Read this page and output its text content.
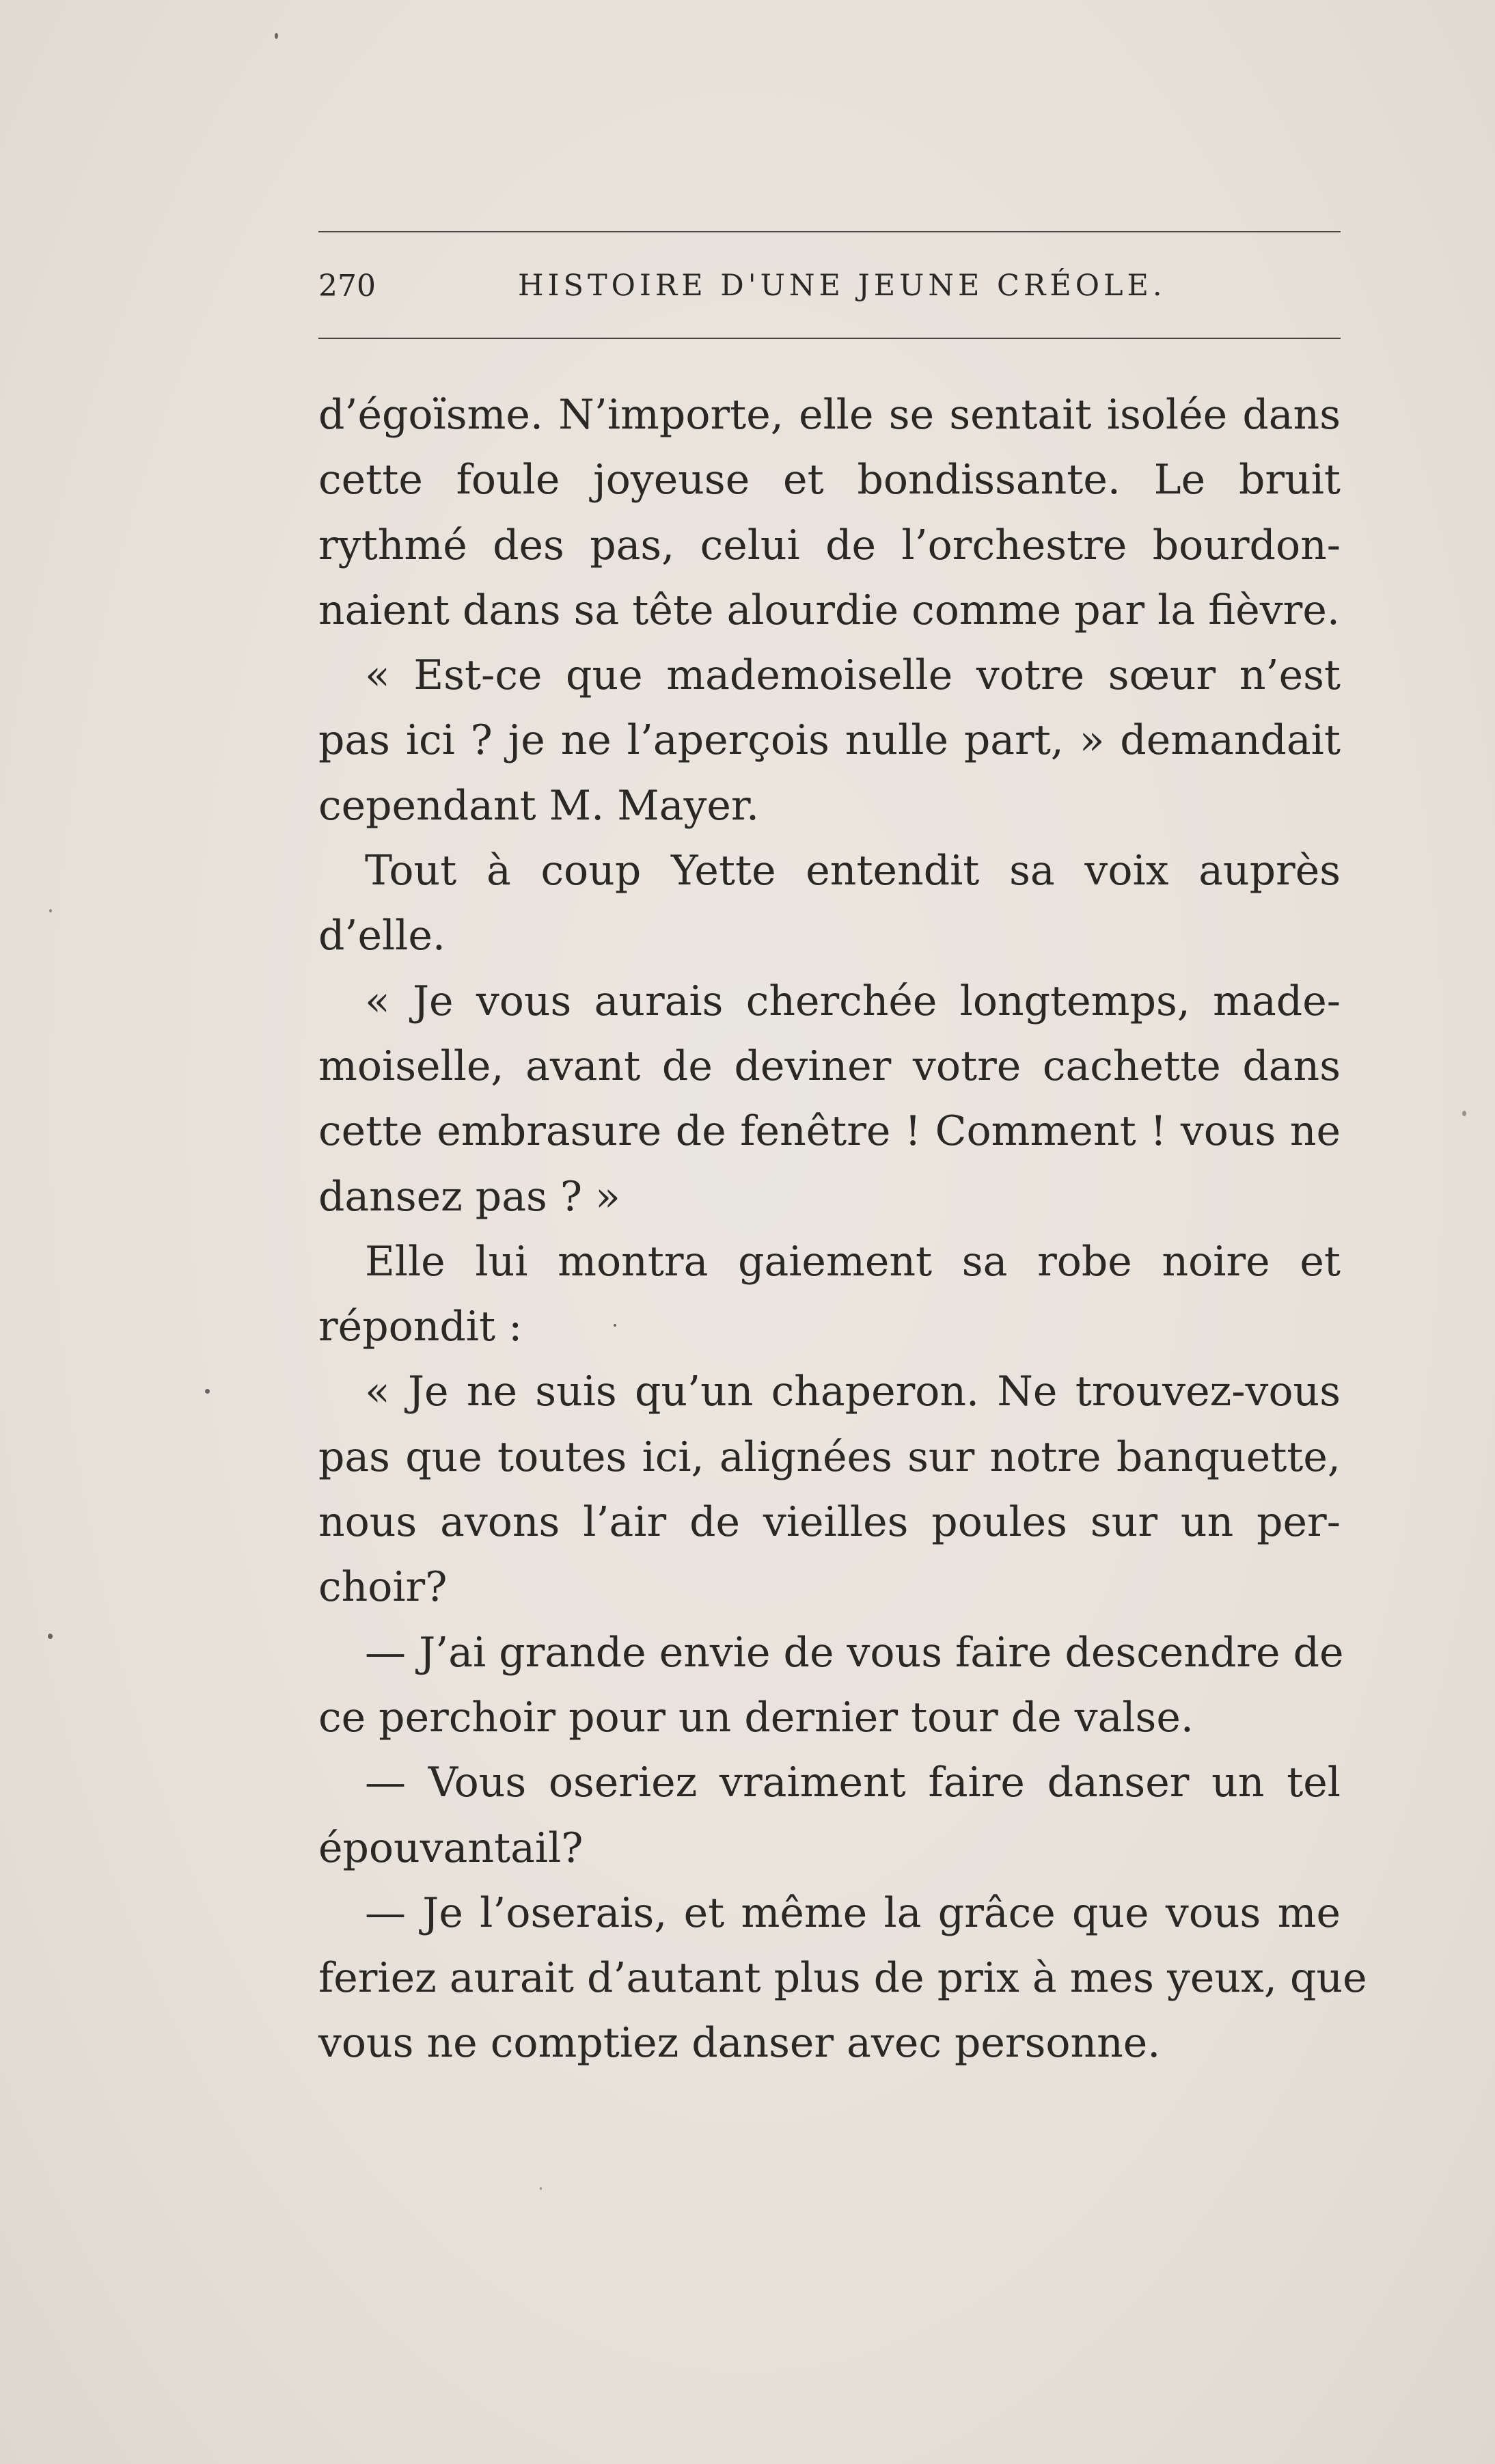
270	HISTOIRE D'UNE JEUNE CRÉOLE.
d’égoïsme. N’importe, elle se sentait isolée dans
cette foule joyeuse et bondissante. Le bruit
rythmé des pas, celui de l’orchestre bourdon-
naient dans sa tête alourdie comme par la fièvre.
« Est-ce que mademoiselle votre sœur n’est
pas ici ? je ne l’aperçois nulle part, » demandait
cependant M. Mayer.
Tout à coup Yette entendit sa voix auprès
d’elle.
« Je vous aurais cherchée longtemps, made-
moiselle, avant de deviner votre cachette dans
cette embrasure de fenêtre ! Comment ! vous ne
dansez pas ? »
Elle lui montra gaiement sa robe noire et
répondit :
« Je ne suis qu’un chaperon. Ne trouvez-vous
pas que toutes ici, alignées sur notre banquette,
nous avons l’air de vieilles poules sur un per-
choir?
— J’ai grande envie de vous faire descendre de
ce perchoir pour un dernier tour de valse.
— Vous oseriez vraiment faire danser un tel
épouvantail?
— Je l’oserais, et même la grâce que vous me
feriez aurait d’autant plus de prix à mes yeux, que
vous ne comptiez danser avec personne.
